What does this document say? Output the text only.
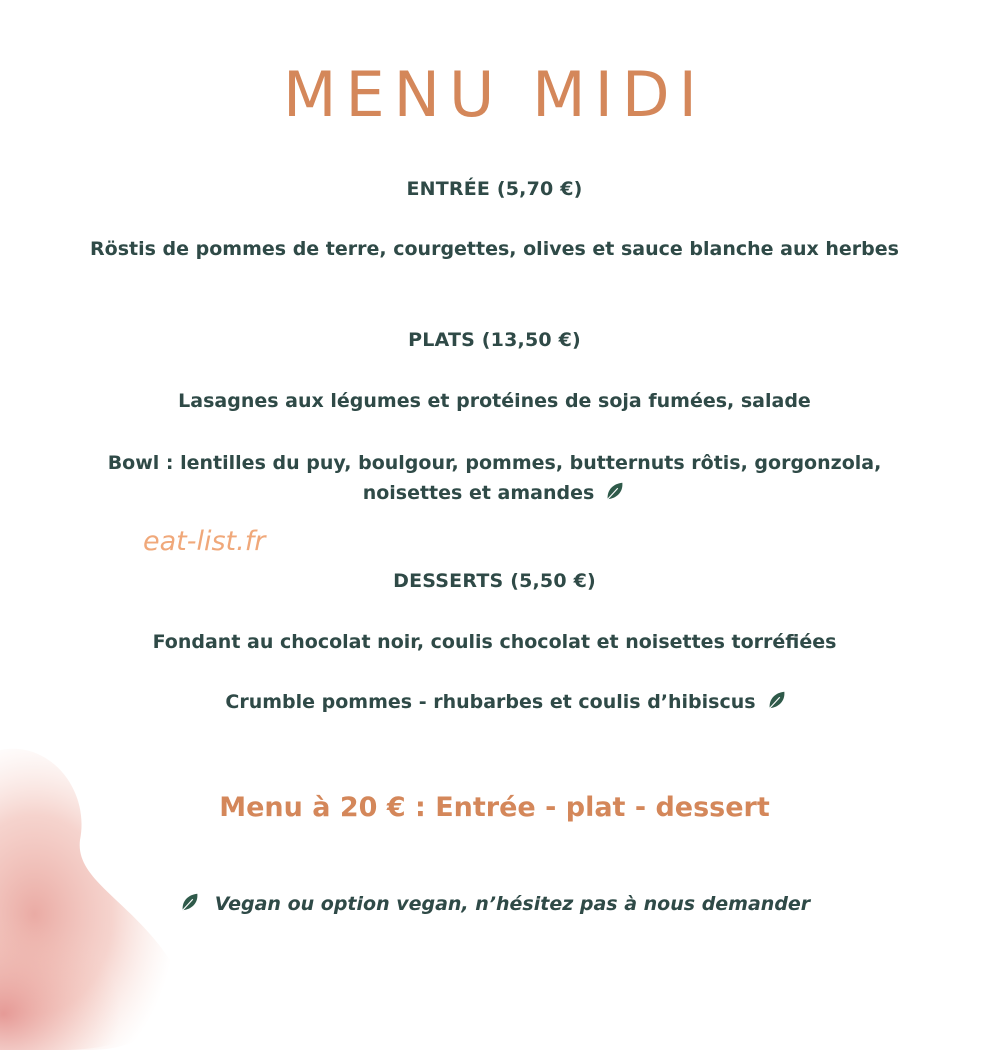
MENU MIDI
ENTRÉE (5,70 €)
Röstis de pommes de terre, courgettes, olives et sauce blanche aux herbes
PLATS (13,50 €)
Lasagnes aux légumes et protéines de soja fumées, salade
Bowl : lentilles du puy, boulgour, pommes, butternuts rôtis, gorgonzola,
noisettes et amandes
eat-list.fr
DESSERTS (5,50 €)
Fondant au chocolat noir, coulis chocolat et noisettes torréfiées
Crumble pommes - rhubarbes et coulis d’hibiscus
Menu à 20 € : Entrée - plat - dessert
Vegan ou option vegan, n’hésitez pas à nous demander
